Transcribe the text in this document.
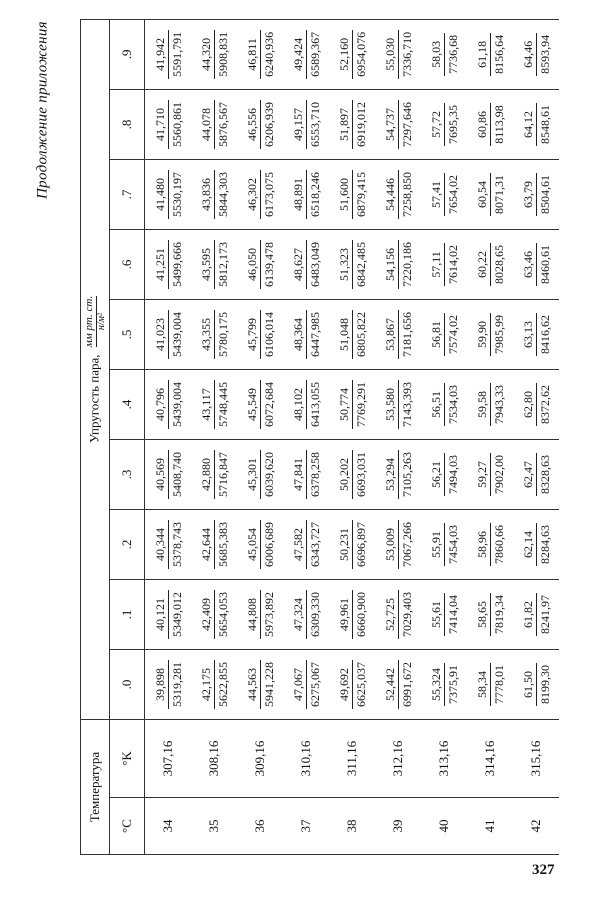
Продолжение приложения
Температура		Упругость пара,
мм рт. ст. н/м²									

°C	°K	.0	.1	.2	.3	.4	.5	.6	.7	.8	.9
34	307,16	39,898 5319,281	40,121 5349,012	40,344 5378,743	40,569 5408,740	40,796 5439,004	41,023 5439,004	41,251 5499,666	41,480 5530,197	41,710 5560,861	41,942 5591,791

35	308,16	42,175 5622,855	42,409 5654,053	42,644 5685,383	42,880 5716,847	43,117 5748,445	43,355 5780,175	43,595 5812,173	43,836 5844,303	44,078 5876,567	44,320 5908,831

36	309,16	44,563 5941,228	44,808 5973,892	45,054 6006,689	45,301 6039,620	45,549 6072,684	45,799 6106,014	46,050 6139,478	46,302 6173,075	46,556 6206,939	46,811 6240,936

37	310,16	47,067 6275,067	47,324 6309,330	47,582 6343,727	47,841 6378,258	48,102 6413,055	48,364 6447,985	48,627 6483,049	48,891 6518,246	49,157 6553,710	49,424 6589,367

38	311,16	49,692 6625,037	49,961 6660,900	50,231 6696,897	50,202 6693,031	50,774 7769,291	51,048 6805,822	51,323 6842,485	51,600 6879,415	51,897 6919,012	52,160 6954,076

39	312,16	52,442 6991,672	52,725 7029,403	53,009 7067,266	53,294 7105,263	53,580 7143,393	53,867 7181,656	54,156 7220,186	54,446 7258,850	54,737 7297,646	55,030 7336,710

40	313,16	55,324 7375,91	55,61 7414,04	55,91 7454,03	56,21 7494,03	56,51 7534,03	56,81 7574,02	57,11 7614,02	57,41 7654,02	57,72 7695,35	58,03 7736,68

41	314,16	58,34 7778,01	58,65 7819,34	58,96 7860,66	59,27 7902,00	59,58 7943,33	59,90 7985,99	60,22 8028,65	60,54 8071,31	60,86 8113,98	61,18 8156,64

42	315,16	61,50 8199,30	61,82 8241,97	62,14 8284,63	62,47 8328,63	62,80 8372,62	63,13 8416,62	63,46 8460,61	63,79 8504,61	64,12 8548,61	64,46 8593,94
327
